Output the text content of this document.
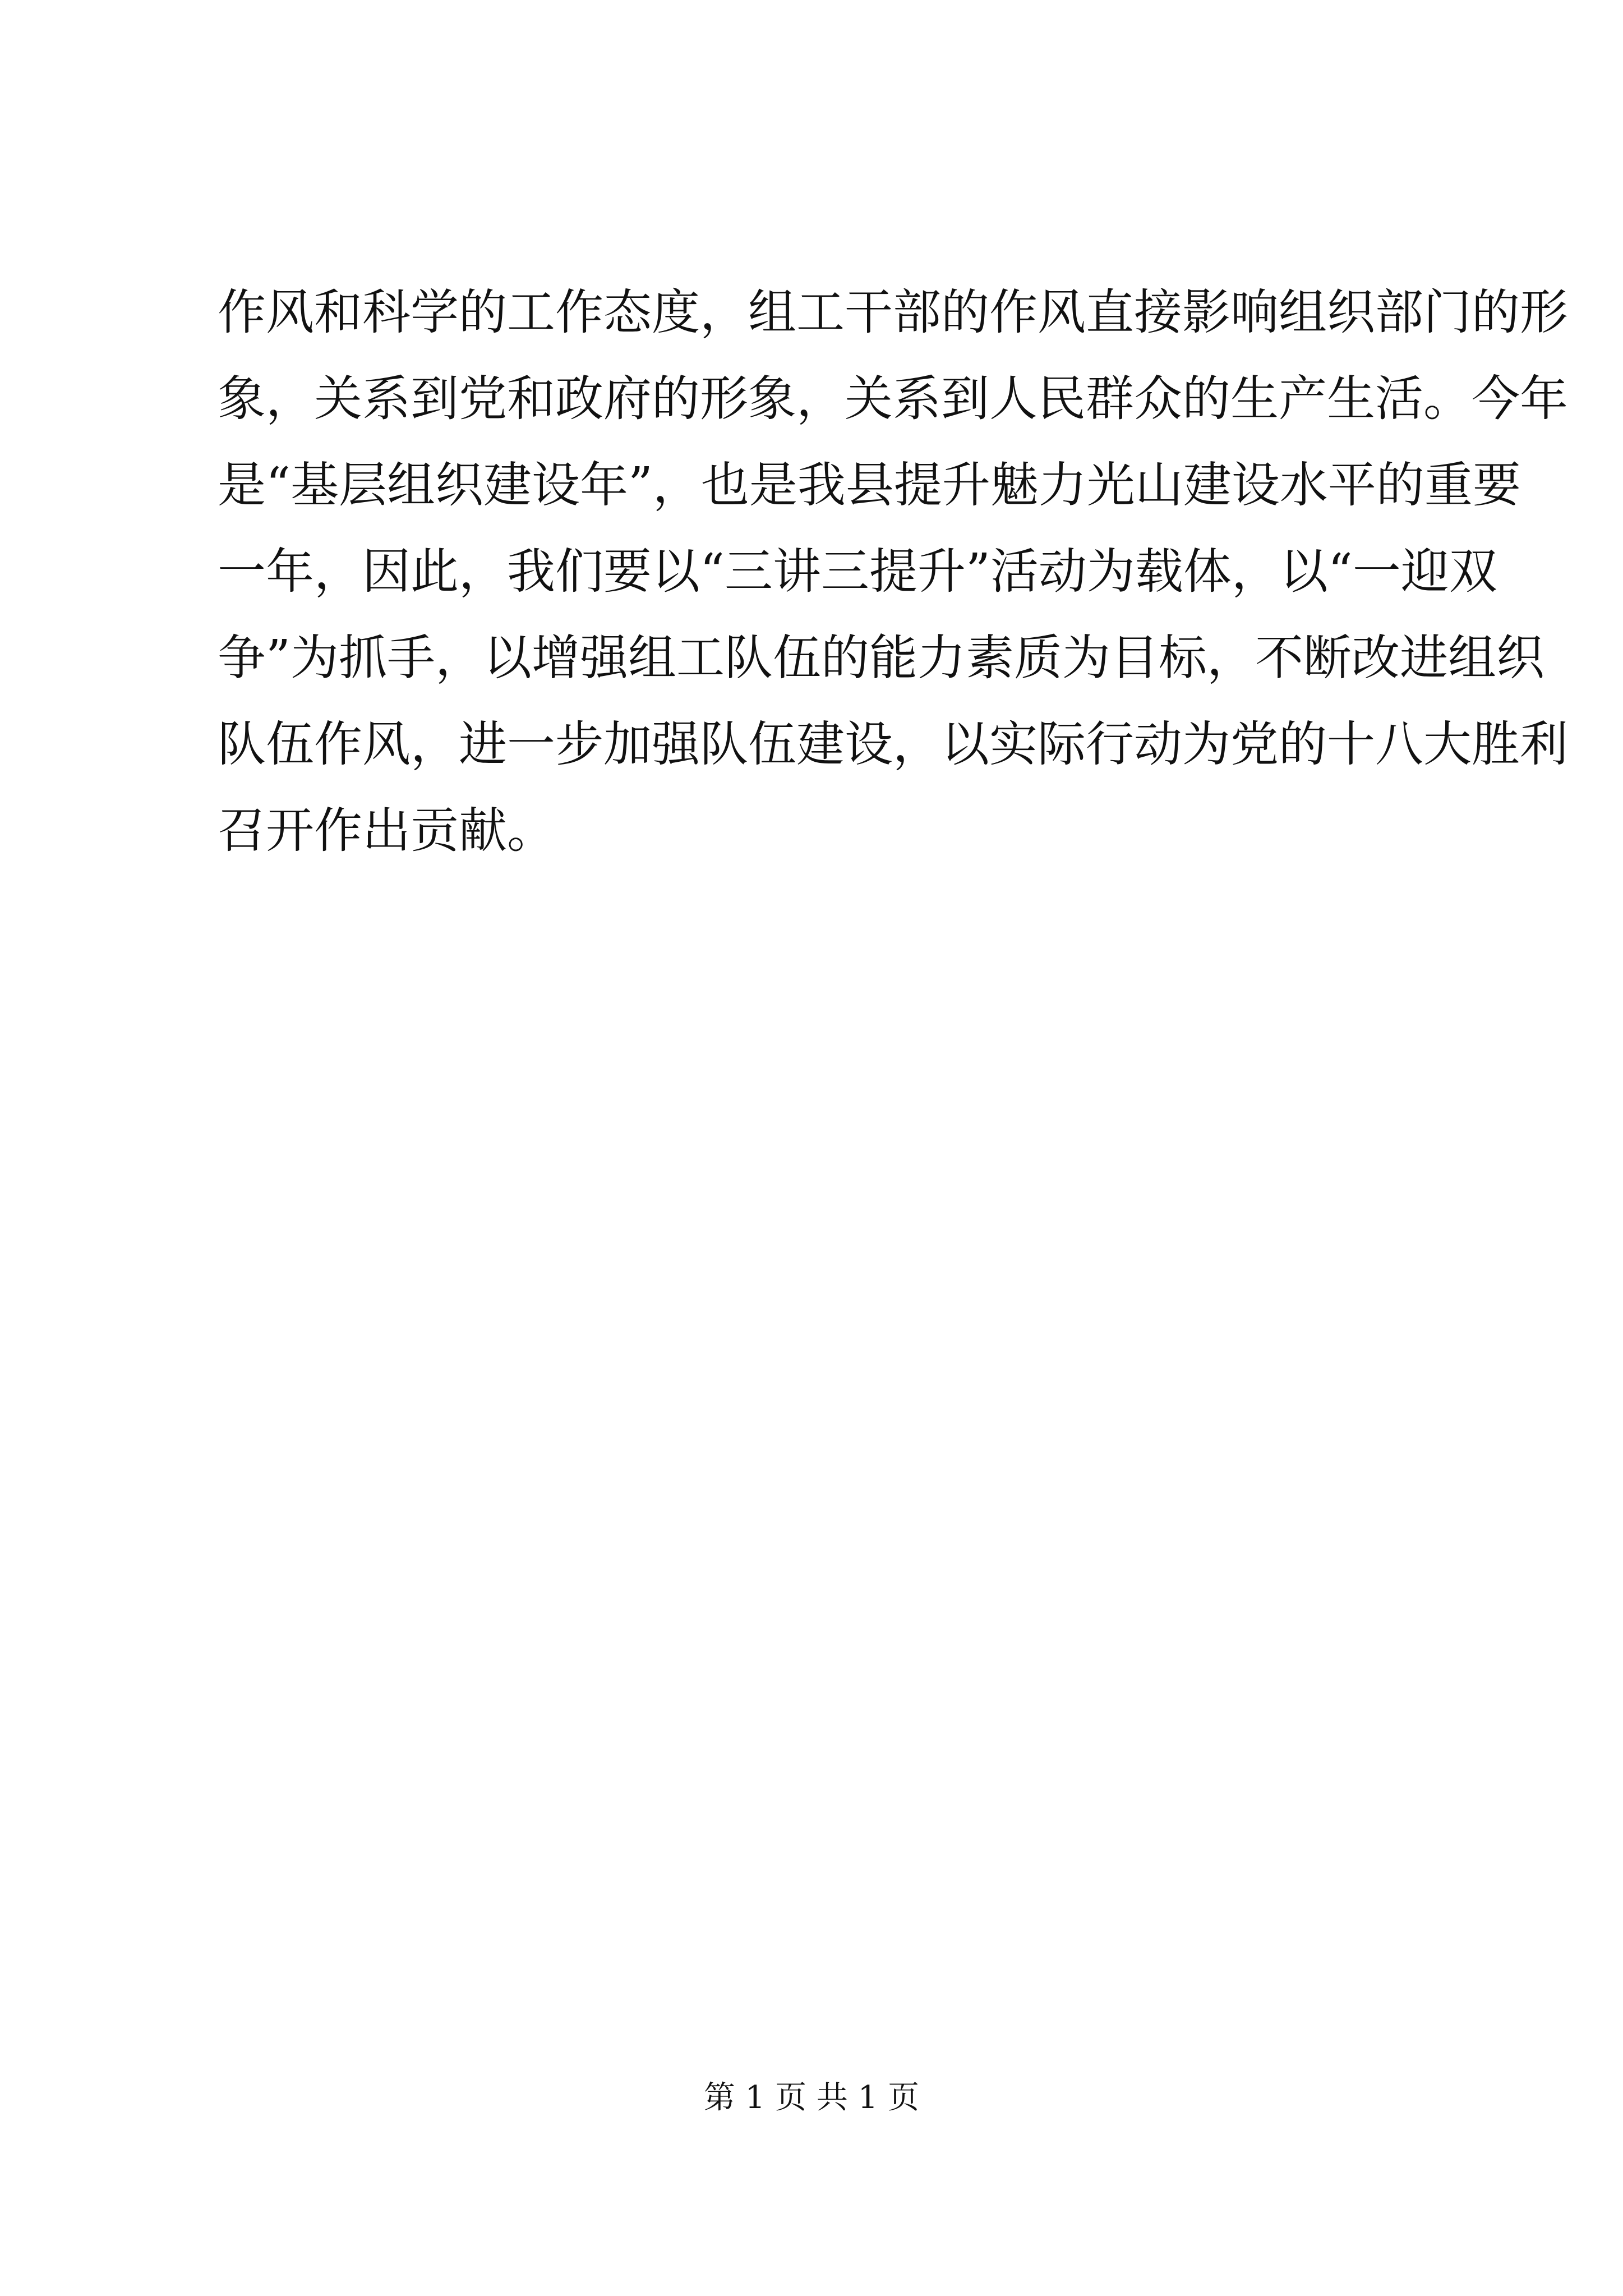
作风和科学的工作态度，组工干部的作风直接影响组织部门的形
象，关系到党和政府的形象，关系到人民群众的生产生活。今年
是“基层组织建设年”，也是我县提升魅力光山建设水平的重要
一年，因此，我们要以“三讲三提升”活动为载体，以“一迎双
争”为抓手，以增强组工队伍的能力素质为目标，不断改进组织
队伍作风，进一步加强队伍建设，以实际行动为党的十八大胜利
召开作出贡献。
第 1 页 共 1 页
